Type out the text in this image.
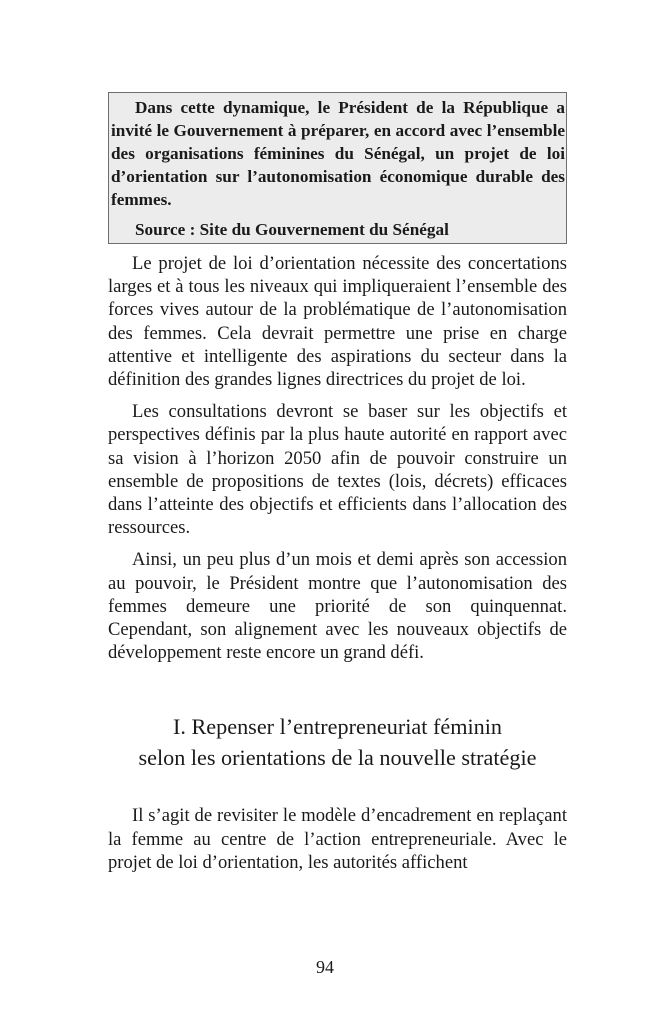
Dans cette dynamique, le Président de la République a invité le Gouvernement à préparer, en accord avec l’ensemble des organisations féminines du Sénégal, un projet de loi d’orientation sur l’autonomisation économique durable des femmes.

Source : Site du Gouvernement du Sénégal

Le projet de loi d’orientation nécessite des concertations larges et à tous les niveaux qui impliqueraient l’ensemble des forces vives autour de la problématique de l’autonomisation des femmes. Cela devrait permettre une prise en charge attentive et intelligente des aspirations du secteur dans la définition des grandes lignes directrices du projet de loi.

Les consultations devront se baser sur les objectifs et perspectives définis par la plus haute autorité en rapport avec sa vision à l’horizon 2050 afin de pouvoir construire un ensemble de propositions de textes (lois, décrets) efficaces dans l’atteinte des objectifs et efficients dans l’allocation des ressources.

Ainsi, un peu plus d’un mois et demi après son accession au pouvoir, le Président montre que l’autonomisation des femmes demeure une priorité de son quinquennat. Cependant, son alignement avec les nouveaux objectifs de développement reste encore un grand défi.

I. Repenser l’entrepreneuriat féminin
selon les orientations de la nouvelle stratégie

Il s’agit de revisiter le modèle d’encadrement en replaçant la femme au centre de l’action entrepreneuriale. Avec le projet de loi d’orientation, les autorités affichent

94
